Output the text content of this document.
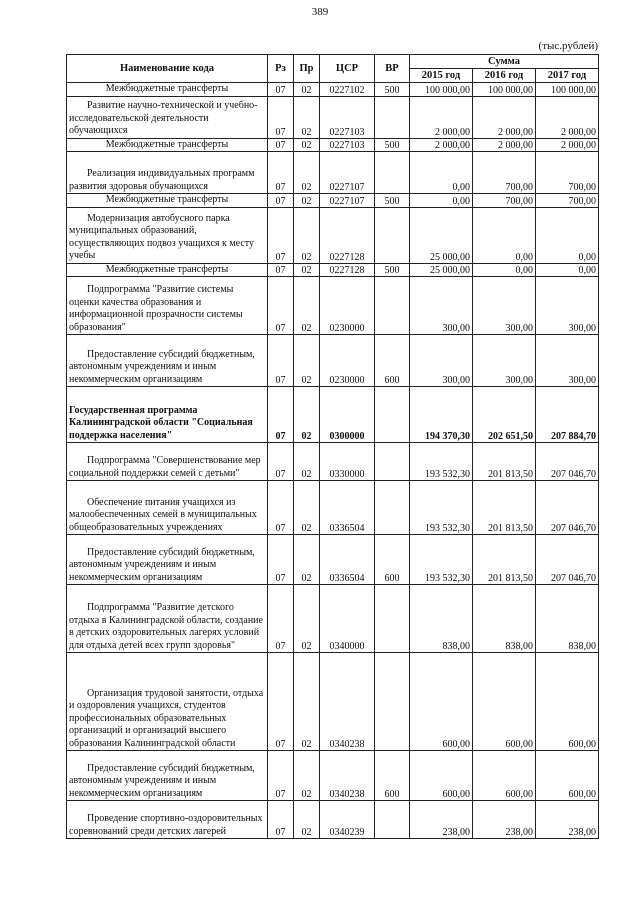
389
(тыс.рублей)
Наименование кода	Рз	Пр	ЦСР	ВР	Сумма		
					2015 год	2016 год	2017 год
Межбюджетные трансферты	07	02	0227102	500	100 000,00	100 000,00	100 000,00
Развитие научно-технической и учебно-исследовательской деятельности обучающихся	07	02	0227103		2 000,00	2 000,00	2 000,00
Межбюджетные трансферты	07	02	0227103	500	2 000,00	2 000,00	2 000,00
Реализация индивидуальных программ развития здоровья обучающихся	07	02	0227107		0,00	700,00	700,00
Межбюджетные трансферты	07	02	0227107	500	0,00	700,00	700,00
Модернизация автобусного парка муниципальных образований, осуществляющих подвоз учащихся к месту учебы	07	02	0227128		25 000,00	0,00	0,00
Межбюджетные трансферты	07	02	0227128	500	25 000,00	0,00	0,00
Подпрограмма "Развитие системы оценки качества образования и информационной прозрачности системы образования"	07	02	0230000		300,00	300,00	300,00
Предоставление субсидий бюджетным, автономным учреждениям и иным некоммерческим организациям	07	02	0230000	600	300,00	300,00	300,00
Государственная программа Калининградской области "Социальная поддержка населения"	07	02	0300000		194 370,30	202 651,50	207 884,70
Подпрограмма "Совершенствование мер социальной поддержки семей с детьми"	07	02	0330000		193 532,30	201 813,50	207 046,70
Обеспечение питания учащихся из малообеспеченных семей в муниципальных общеобразовательных учреждениях	07	02	0336504		193 532,30	201 813,50	207 046,70
Предоставление субсидий бюджетным, автономным учреждениям и иным некоммерческим организациям	07	02	0336504	600	193 532,30	201 813,50	207 046,70
Подпрограмма "Развитие детского отдыха в Калининградской области, создание в детских оздоровительных лагерях условий для отдыха детей всех групп здоровья"	07	02	0340000		838,00	838,00	838,00
Организация трудовой занятости, отдыха и оздоровления учащихся, студентов профессиональных образовательных организаций и организаций высшего образования Калининградской области	07	02	0340238		600,00	600,00	600,00
Предоставление субсидий бюджетным, автономным учреждениям и иным некоммерческим организациям	07	02	0340238	600	600,00	600,00	600,00
Проведение спортивно-оздоровительных соревнований среди детских лагерей	07	02	0340239		238,00	238,00	238,00
